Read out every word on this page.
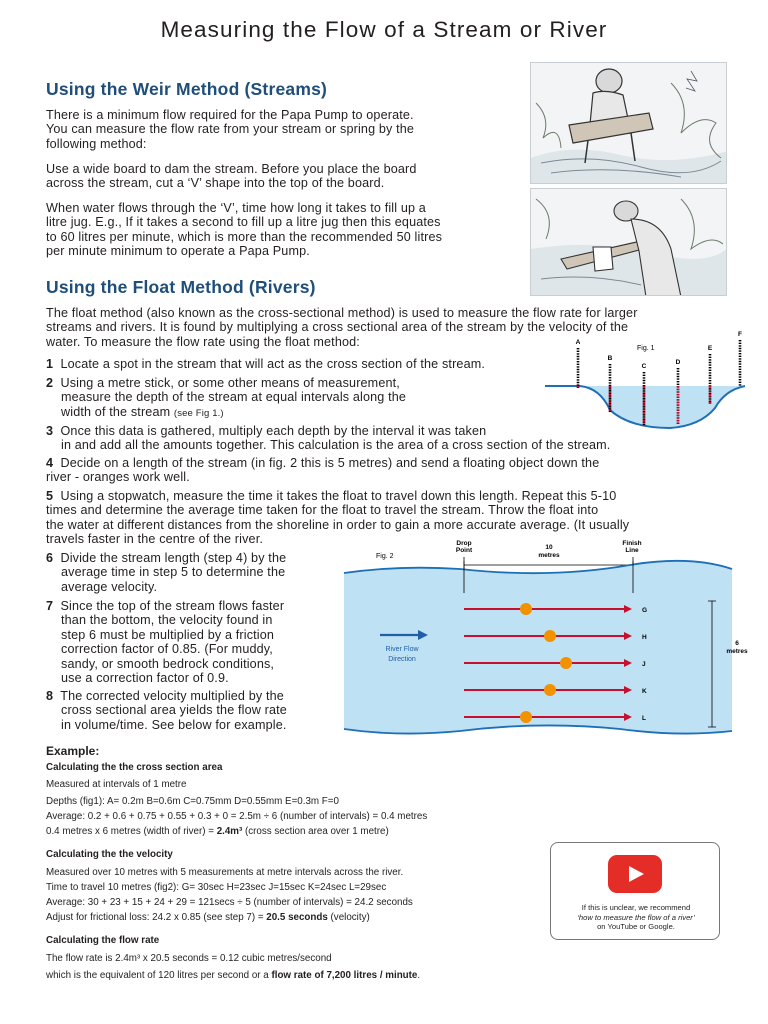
Measuring the Flow of a Stream or River
Using the Weir Method (Streams)
There is a minimum flow required for the Papa Pump to operate.
You can measure the flow rate from your stream or spring by the
following method:
Use a wide board to dam the stream. Before you place the board
across the stream, cut a ‘V’ shape into the top of the board.
When water flows through the ‘V’, time how long it takes to fill up a
litre jug. E.g., If it takes a second to fill up a litre jug then this equates
to 60 litres per minute, which is more than the recommended 50 litres
per minute minimum to operate a Papa Pump.
Using the Float Method (Rivers)
The float method (also known as the cross-sectional method) is used to measure the flow rate for larger
streams and rivers. It is found by multiplying a cross sectional area of the stream by the velocity of the
water. To measure the flow rate using the float method:
1 Locate a spot in the stream that will act as the cross section of the stream.
2 Using a metre stick, or some other means of measurement,
measure the depth of the stream at equal intervals along the
width of the stream (see Fig 1.)
3 Once this data is gathered, multiply each depth by the interval it was taken
in and add all the amounts together. This calculation is the area of a cross section of the stream.
4 Decide on a length of the stream (in fig. 2 this is 5 metres) and send a floating object down the
river - oranges work well.
5 Using a stopwatch, measure the time it takes the float to travel down this length. Repeat this 5-10
times and determine the average time taken for the float to travel the stream. Throw the float into
the water at different distances from the shoreline in order to gain a more accurate average. (It usually
travels faster in the centre of the river.
6 Divide the stream length (step 4) by the
average time in step 5 to determine the
average velocity.
7 Since the top of the stream flows faster
than the bottom, the velocity found in
step 6 must be multiplied by a friction
correction factor of 0.85. (For muddy,
sandy, or smooth bedrock conditions,
use a correction factor of 0.9.
8 The corrected velocity multiplied by the
cross sectional area yields the flow rate
in volume/time. See below for example.
Fig. 1
A
B
C
D
E
F
Fig. 2
Drop
Point
Finish
Line
10
metres
River Flow
Direction
6
metres
G
H
J
K
L
Example:
Calculating the the cross section area
Measured at intervals of 1 metre
Depths (fig1): A= 0.2m B=0.6m C=0.75mm D=0.55mm E=0.3m F=0
Average: 0.2 + 0.6 + 0.75 + 0.55 + 0.3 + 0 = 2.5m ÷ 6 (number of intervals) = 0.4 metres
0.4 metres x 6 metres (width of river) = 2.4m³ (cross section area over 1 metre)
Calculating the the velocity
Measured over 10 metres with 5 measurements at metre intervals across the river.
Time to travel 10 metres (fig2): G= 30sec H=23sec J=15sec K=24sec L=29sec
Average: 30 + 23 + 15 + 24 + 29 = 121secs ÷ 5 (number of intervals) = 24.2 seconds
Adjust for frictional loss: 24.2 x 0.85 (see step 7) = 20.5 seconds (velocity)
Calculating the flow rate
The flow rate is 2.4m³ x 20.5 seconds = 0.12 cubic metres/second
which is the equivalent of 120 litres per second or a flow rate of 7,200 litres / minute.
If this is unclear, we recommend
‘how to measure the flow of a river’
on YouTube or Google.
